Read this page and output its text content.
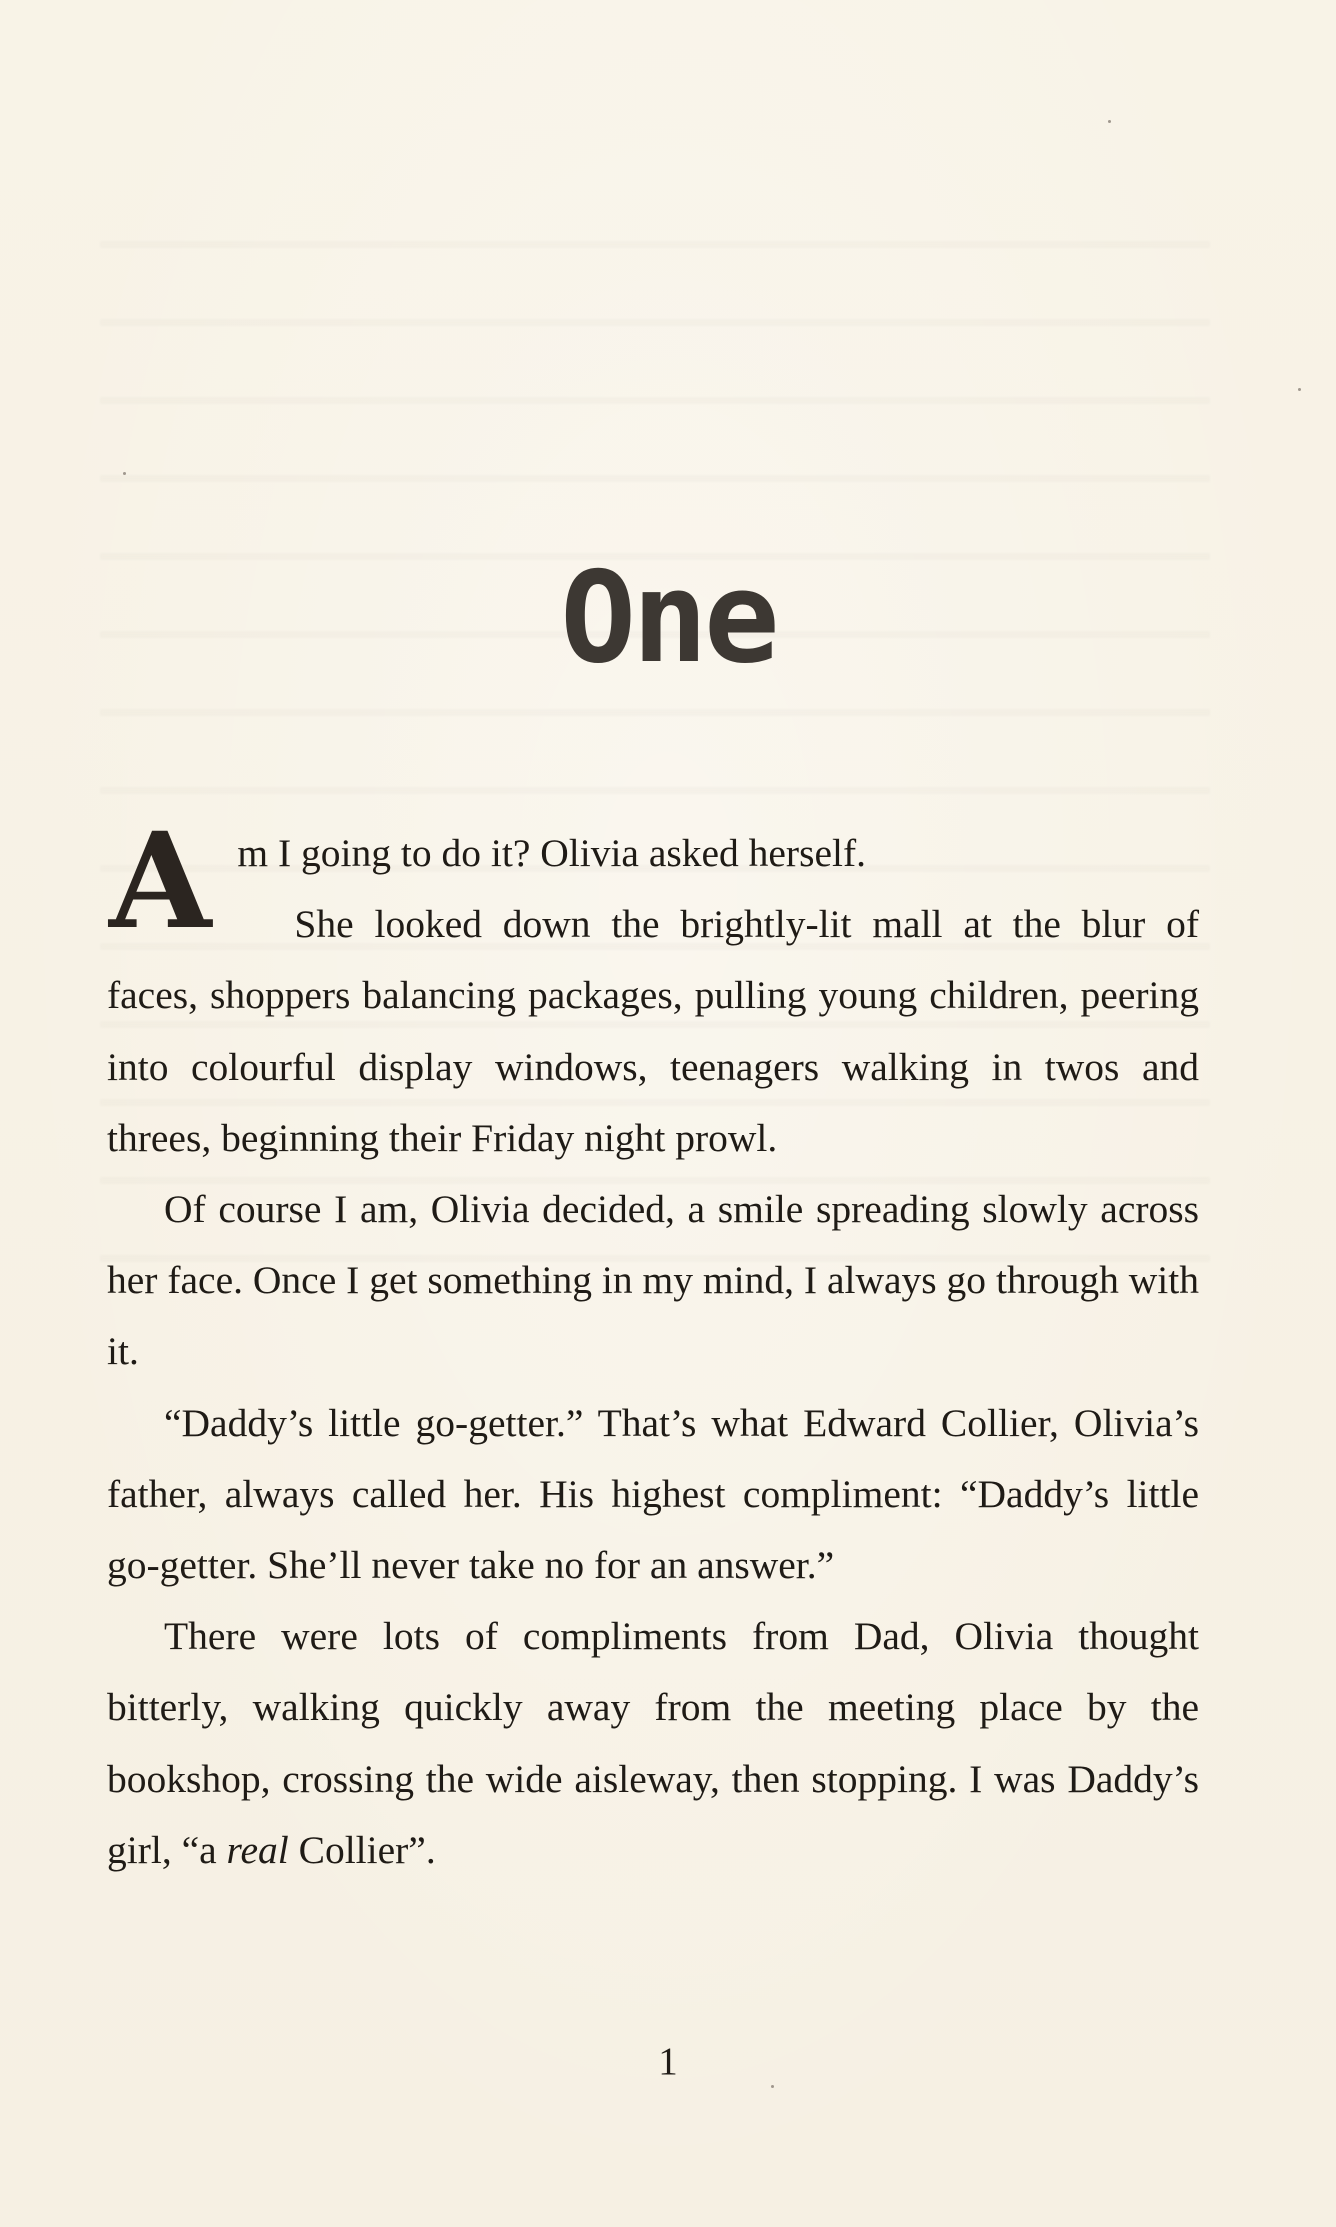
One

Am I going to do it? Olivia asked herself.

She looked down the brightly-lit mall at the blur of faces, shoppers balancing packages, pulling young children, peering into colourful display windows, teenagers walking in twos and threes, beginning their Friday night prowl.

Of course I am, Olivia decided, a smile spreading slowly across her face. Once I get something in my mind, I always go through with it.

“Daddy’s little go-getter.” That’s what Edward Collier, Olivia’s father, always called her. His highest compliment: “Daddy’s little go-getter. She’ll never take no for an answer.”

There were lots of compliments from Dad, Olivia thought bitterly, walking quickly away from the meeting place by the bookshop, crossing the wide aisleway, then stopping. I was Daddy’s girl, “a real Collier”.

1
